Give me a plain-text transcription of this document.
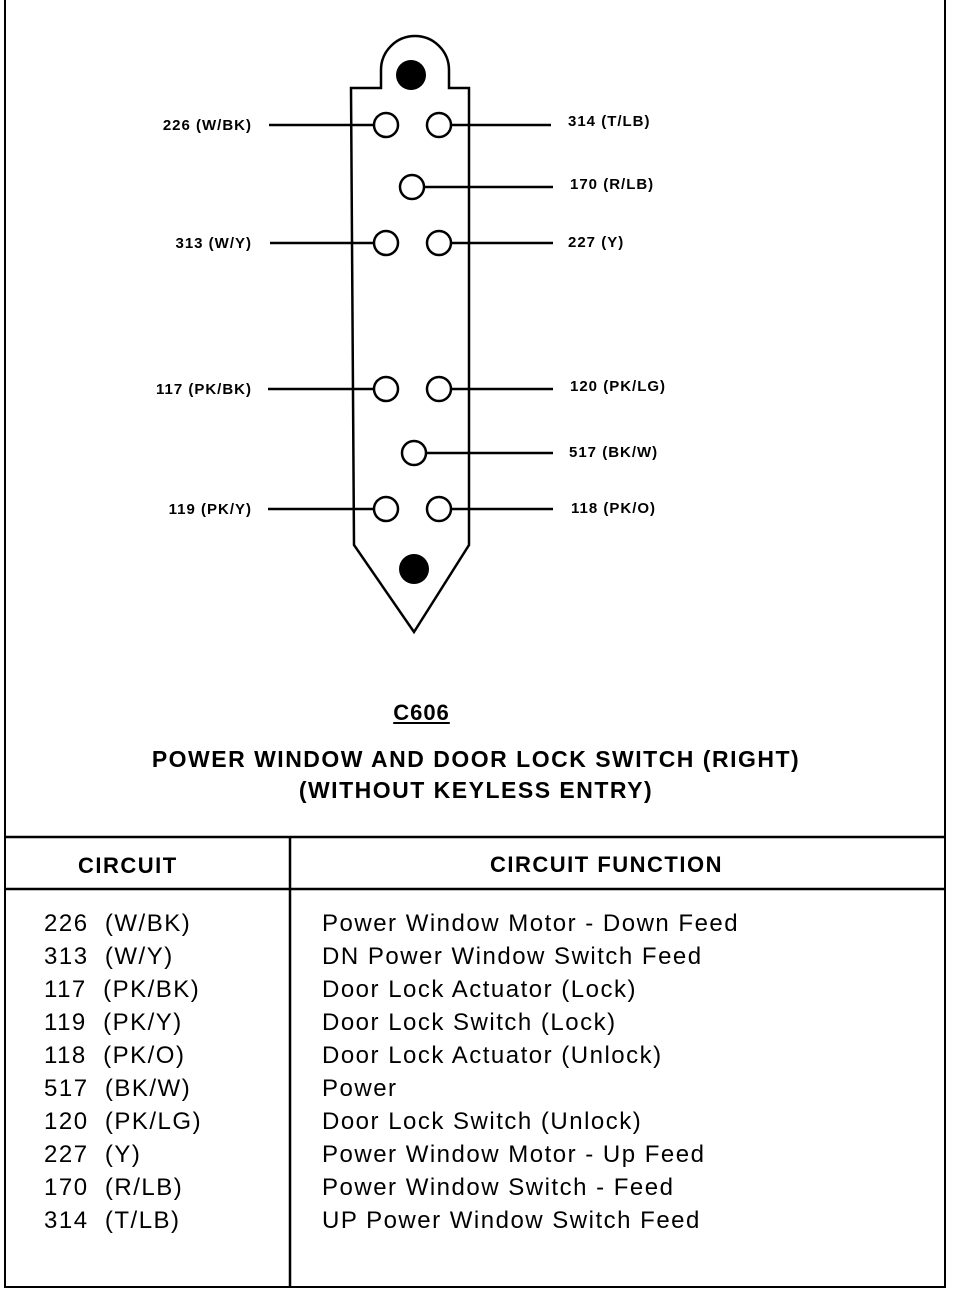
226 (W/BK)
313 (W/Y)
117 (PK/BK)
119 (PK/Y)
314 (T/LB)
170 (R/LB)
227 (Y)
120 (PK/LG)
517 (BK/W)
118 (PK/O)
C606
POWER WINDOW AND DOOR LOCK SWITCH (RIGHT)
(WITHOUT KEYLESS ENTRY)
CIRCUIT	CIRCUIT FUNCTION
226  (W/BK)	Power Window Motor - Down Feed
313  (W/Y)	DN Power Window Switch Feed
117  (PK/BK)	Door Lock Actuator (Lock)
119  (PK/Y)	Door Lock Switch (Lock)
118  (PK/O)	Door Lock Actuator (Unlock)
517  (BK/W)	Power
120  (PK/LG)	Door Lock Switch (Unlock)
227  (Y)	Power Window Motor - Up Feed
170  (R/LB)	Power Window Switch - Feed
314  (T/LB)	UP Power Window Switch Feed
